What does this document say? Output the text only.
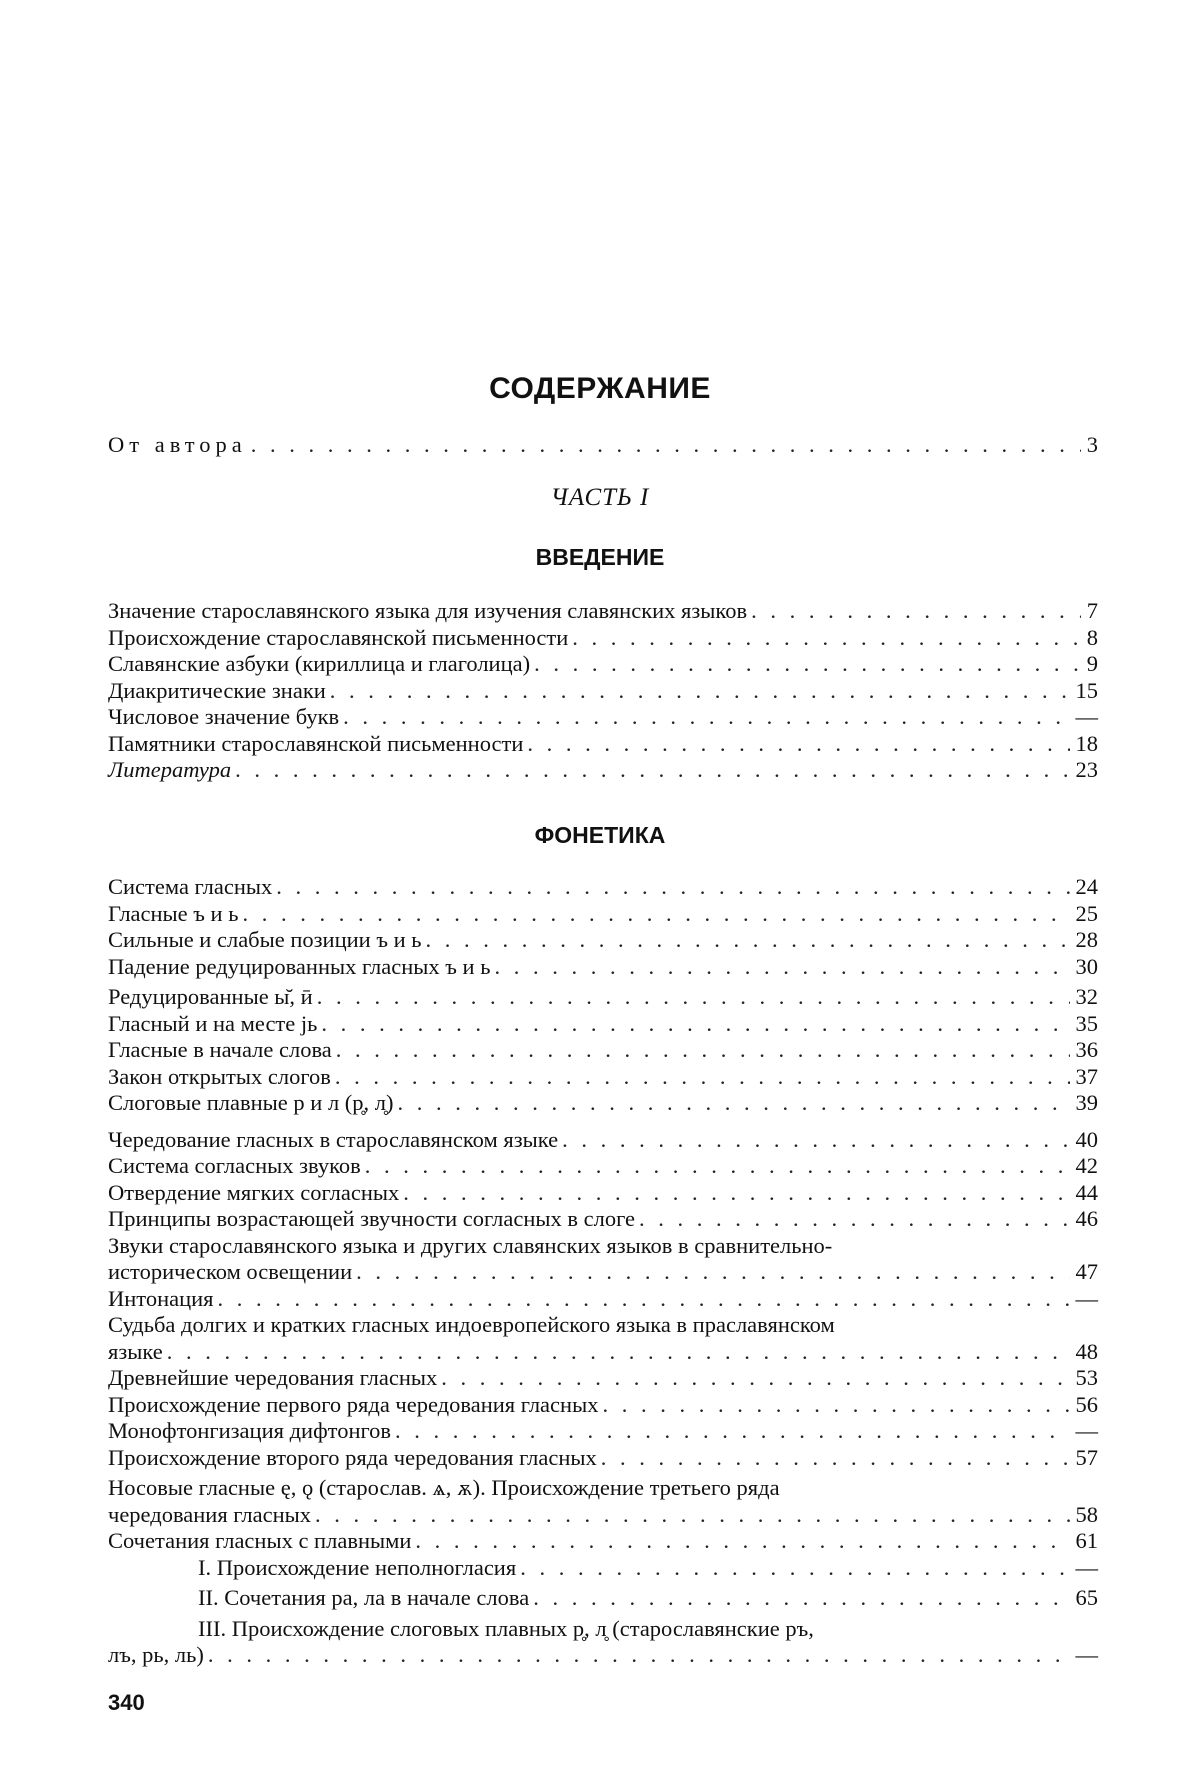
СОДЕРЖАНИЕ
От автора . . .	3
ЧАСТЬ I
ВВЕДЕНИЕ
Значение старославянского языка для изучения славянских языков . . .	7
Происхождение старославянской письменности . . .	8
Славянские азбуки (кириллица и глаголица) . . .	9
Диакритические знаки . . .	15
Числовое значение букв . . .	—
Памятники старославянской письменности . . .	18
Литература . . .	23
ФОНЕТИКА
Система гласных . . .	24
Гласные ъ и ь . . .	25
Сильные и слабые позиции ъ и ь . . .	28
Падение редуцированных гласных ъ и ь . . .	30
Редуцированные ы̆, ӣ . . .	32
Гласный и на месте jь . . .	35
Гласные в начале слова . . .	36
Закон открытых слогов . . .	37
Слоговые плавные р и л (р̥, л̥) . . .	39
Чередование гласных в старославянском языке . . .	40
Система согласных звуков . . .	42
Отвердение мягких согласных . . .	44
Принципы возрастающей звучности согласных в слоге . . .	46
Звуки старославянского языка и других славянских языков в сравнительно-
историческом освещении . . .	47
Интонация . . .	—
Судьба долгих и кратких гласных индоевропейского языка в праславянском
языке . . .	48
Древнейшие чередования гласных . . .	53
Происхождение первого ряда чередования гласных . . .	56
Монофтонгизация дифтонгов . . .	—
Происхождение второго ряда чередования гласных . . .	57
Носовые гласные ę, ǫ (старослав. ѧ, ѫ). Происхождение третьего ряда
чередования гласных . . .	58
Сочетания гласных с плавными . . .	61
I. Происхождение неполногласия . . .	—
II. Сочетания ра, ла в начале слова . . .	65
III. Происхождение слоговых плавных р̥, л̥ (старославянские ръ,
лъ, рь, ль) . . .	—
340
